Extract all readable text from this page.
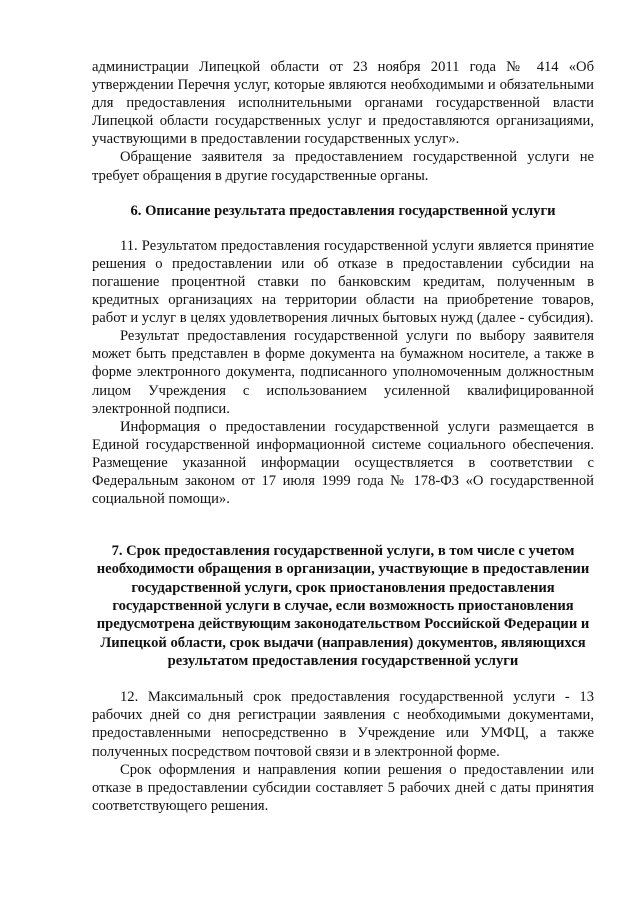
администрации Липецкой области от 23 ноября 2011 года № 414 «Об утверждении Перечня услуг, которые являются необходимыми и обязательными для предоставления исполнительными органами государственной власти Липецкой области государственных услуг и предоставляются организациями, участвующими в предоставлении государственных услуг».

Обращение заявителя за предоставлением государственной услуги не требует обращения в другие государственные органы.

6. Описание результата предоставления государственной услуги

11. Результатом предоставления государственной услуги является принятие решения о предоставлении или об отказе в предоставлении субсидии на погашение процентной ставки по банковским кредитам, полученным в кредитных организациях на территории области на приобретение товаров, работ и услуг в целях удовлетворения личных бытовых нужд (далее - субсидия).

Результат предоставления государственной услуги по выбору заявителя может быть представлен в форме документа на бумажном носителе, а также в форме электронного документа, подписанного уполномоченным должностным лицом Учреждения с использованием усиленной квалифицированной электронной подписи.

Информация о предоставлении государственной услуги размещается в Единой государственной информационной системе социального обеспечения. Размещение указанной информации осуществляется в соответствии с Федеральным законом от 17 июля 1999 года № 178-ФЗ «О государственной социальной помощи».

7. Срок предоставления государственной услуги, в том числе с учетом необходимости обращения в организации, участвующие в предоставлении государственной услуги, срок приостановления предоставления государственной услуги в случае, если возможность приостановления предусмотрена действующим законодательством Российской Федерации и Липецкой области, срок выдачи (направления) документов, являющихся результатом предоставления государственной услуги

12. Максимальный срок предоставления государственной услуги - 13 рабочих дней со дня регистрации заявления с необходимыми документами, предоставленными непосредственно в Учреждение или УМФЦ, а также полученных посредством почтовой связи и в электронной форме.

Срок оформления и направления копии решения о предоставлении или отказе в предоставлении субсидии составляет 5 рабочих дней с даты принятия соответствующего решения.
